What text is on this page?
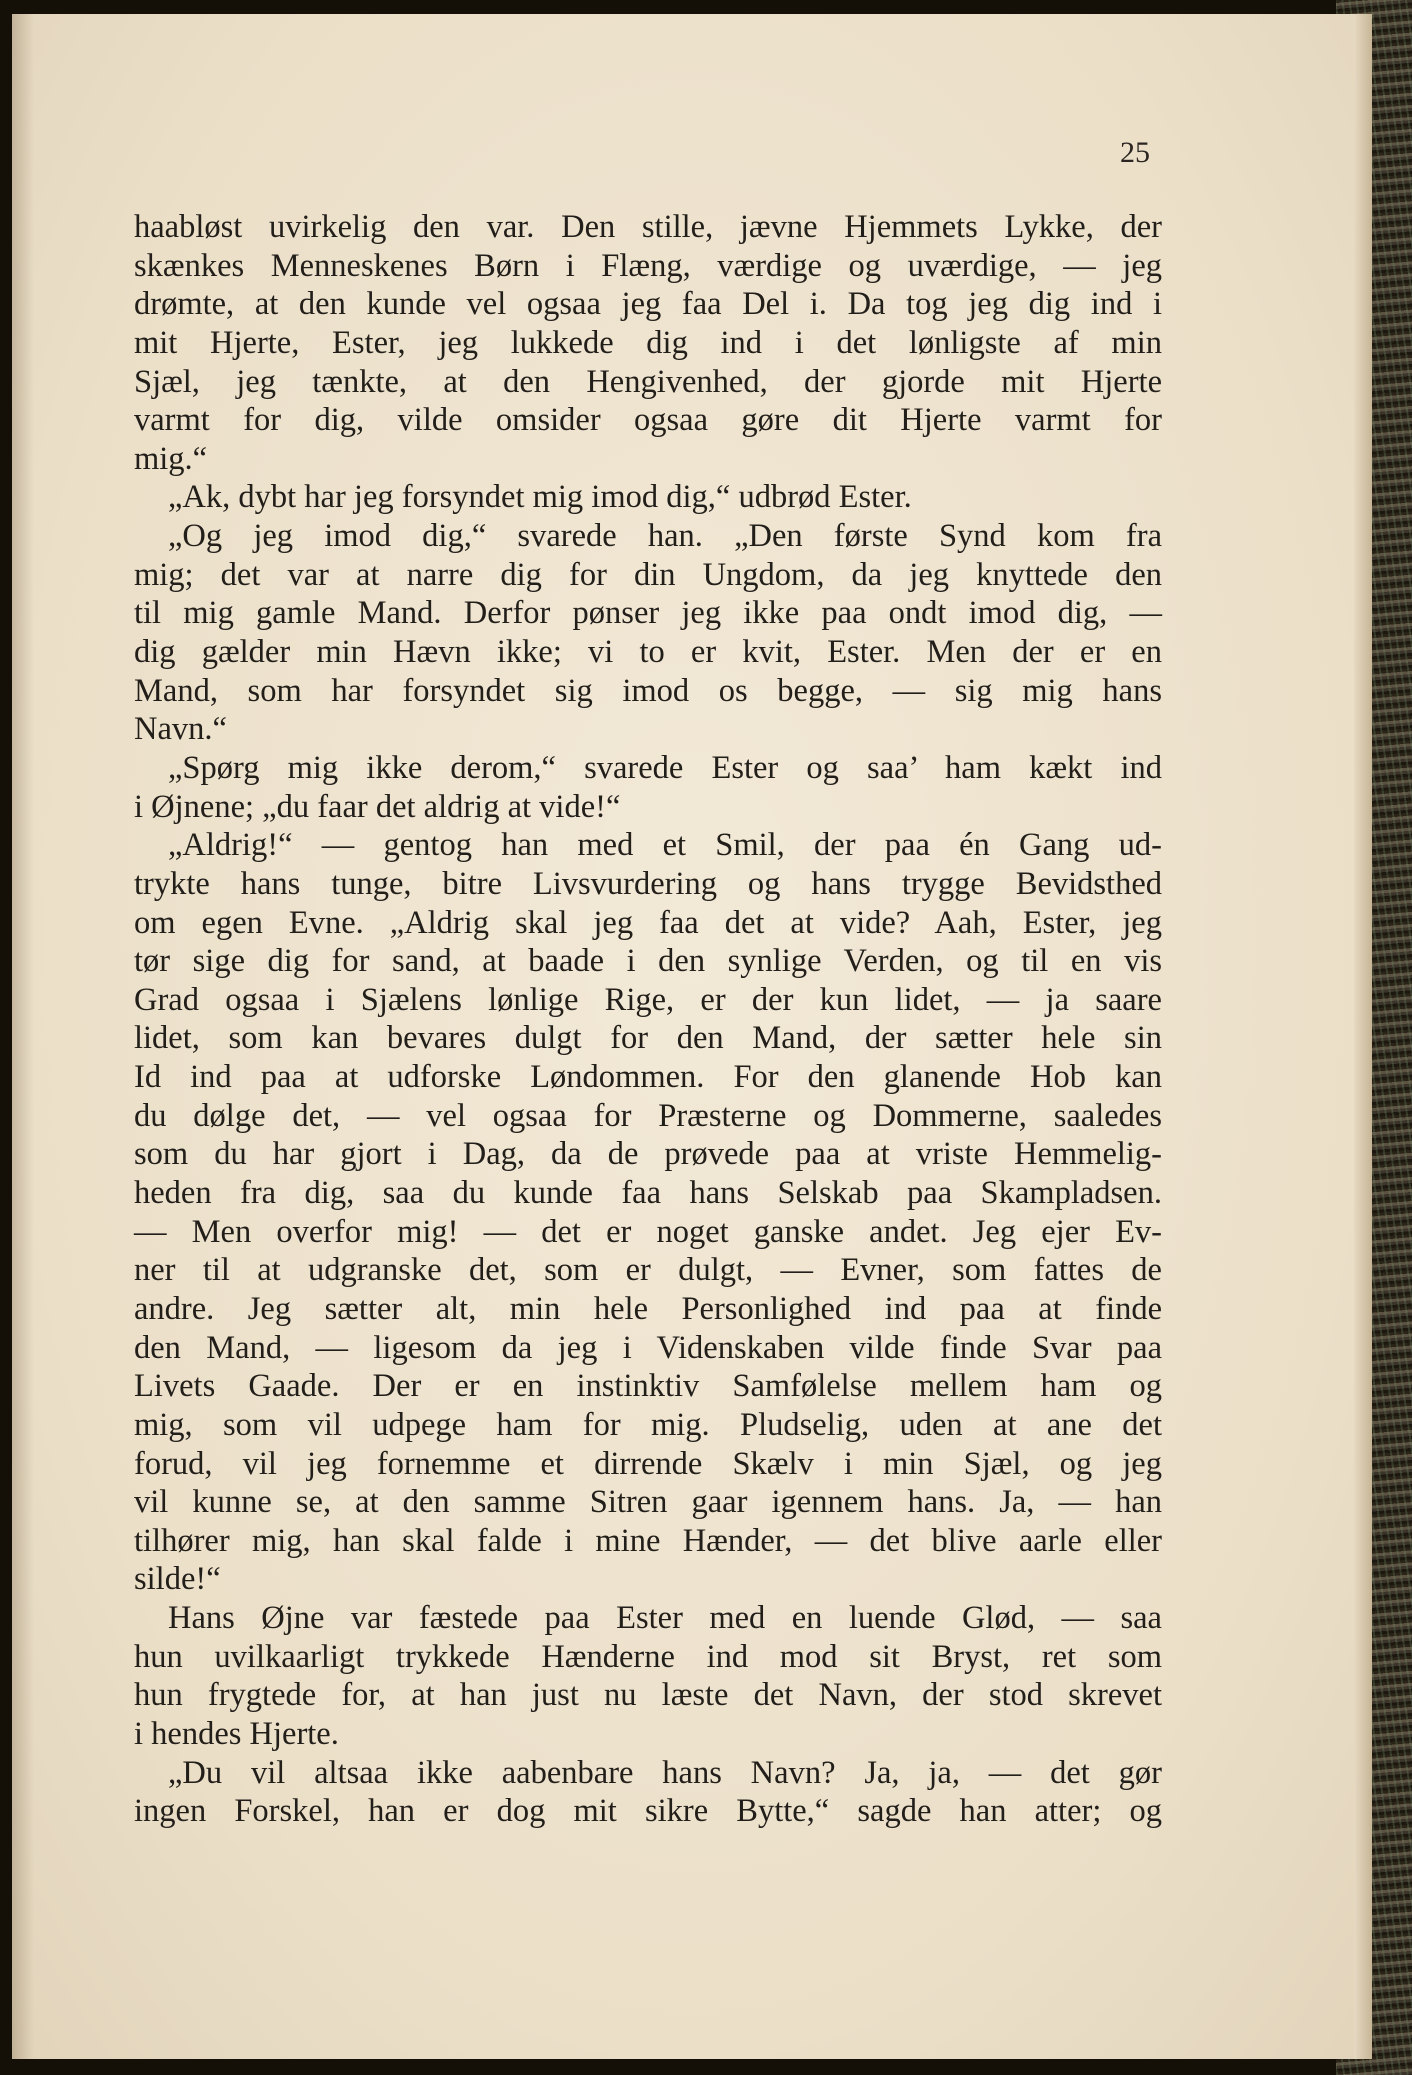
25
haabløst uvirkelig den var. Den stille, jævne Hjemmets Lykke, der
skænkes Menneskenes Børn i Flæng, værdige og uværdige, — jeg
drømte, at den kunde vel ogsaa jeg faa Del i. Da tog jeg dig ind i
mit Hjerte, Ester, jeg lukkede dig ind i det lønligste af min
Sjæl, jeg tænkte, at den Hengivenhed, der gjorde mit Hjerte
varmt for dig, vilde omsider ogsaa gøre dit Hjerte varmt for
mig.“
„Ak, dybt har jeg forsyndet mig imod dig,“ udbrød Ester.
„Og jeg imod dig,“ svarede han. „Den første Synd kom fra
mig; det var at narre dig for din Ungdom, da jeg knyttede den
til mig gamle Mand. Derfor pønser jeg ikke paa ondt imod dig, —
dig gælder min Hævn ikke; vi to er kvit, Ester. Men der er en
Mand, som har forsyndet sig imod os begge, — sig mig hans
Navn.“
„Spørg mig ikke derom,“ svarede Ester og saa’ ham kækt ind
i Øjnene; „du faar det aldrig at vide!“
„Aldrig!“ — gentog han med et Smil, der paa én Gang ud-
trykte hans tunge, bitre Livsvurdering og hans trygge Bevidsthed
om egen Evne. „Aldrig skal jeg faa det at vide? Aah, Ester, jeg
tør sige dig for sand, at baade i den synlige Verden, og til en vis
Grad ogsaa i Sjælens lønlige Rige, er der kun lidet, — ja saare
lidet, som kan bevares dulgt for den Mand, der sætter hele sin
Id ind paa at udforske Løndommen. For den glanende Hob kan
du dølge det, — vel ogsaa for Præsterne og Dommerne, saaledes
som du har gjort i Dag, da de prøvede paa at vriste Hemmelig-
heden fra dig, saa du kunde faa hans Selskab paa Skampladsen.
— Men overfor mig! — det er noget ganske andet. Jeg ejer Ev-
ner til at udgranske det, som er dulgt, — Evner, som fattes de
andre. Jeg sætter alt, min hele Personlighed ind paa at finde
den Mand, — ligesom da jeg i Videnskaben vilde finde Svar paa
Livets Gaade. Der er en instinktiv Samfølelse mellem ham og
mig, som vil udpege ham for mig. Pludselig, uden at ane det
forud, vil jeg fornemme et dirrende Skælv i min Sjæl, og jeg
vil kunne se, at den samme Sitren gaar igennem hans. Ja, — han
tilhører mig, han skal falde i mine Hænder, — det blive aarle eller
silde!“
Hans Øjne var fæstede paa Ester med en luende Glød, — saa
hun uvilkaarligt trykkede Hænderne ind mod sit Bryst, ret som
hun frygtede for, at han just nu læste det Navn, der stod skrevet
i hendes Hjerte.
„Du vil altsaa ikke aabenbare hans Navn? Ja, ja, — det gør
ingen Forskel, han er dog mit sikre Bytte,“ sagde han atter; og
